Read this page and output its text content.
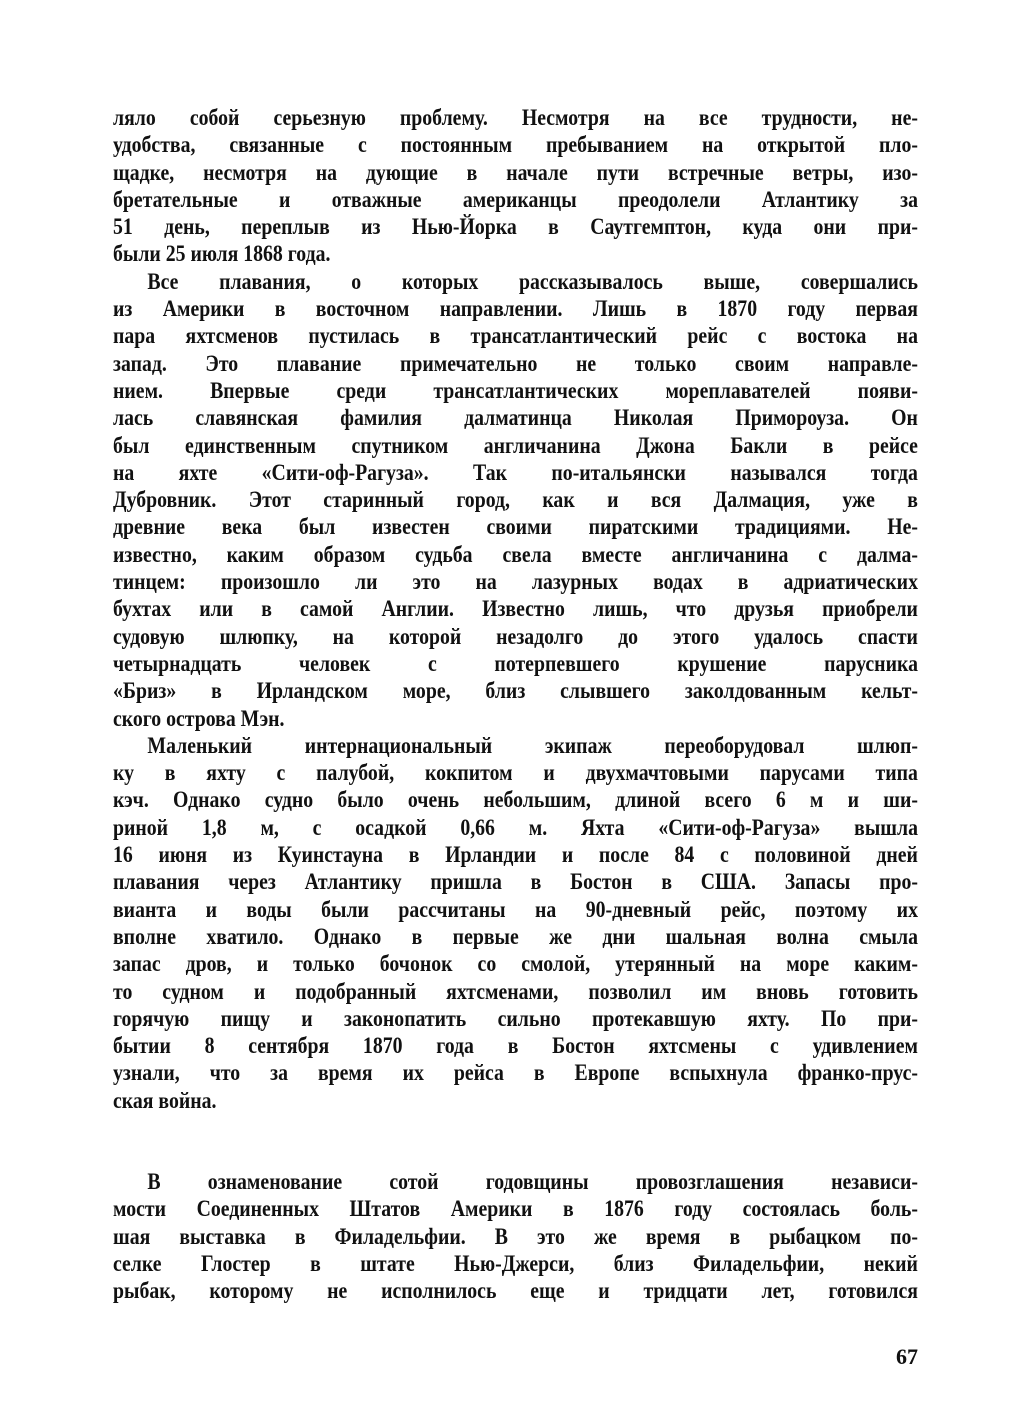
ляло собой серьезную проблему. Несмотря на все трудности, не-
удобства, связанные с постоянным пребыванием на открытой пло-
щадке, несмотря на дующие в начале пути встречные ветры, изо-
бретательные и отважные американцы преодолели Атлантику за
51 день, переплыв из Нью-Йорка в Саутгемптон, куда они при-
были 25 июля 1868 года.
Все плавания, о которых рассказывалось выше, совершались
из Америки в восточном направлении. Лишь в 1870 году первая
пара яхтсменов пустилась в трансатлантический рейс с востока на
запад. Это плавание примечательно не только своим направле-
нием. Впервые среди трансатлантических мореплавателей появи-
лась славянская фамилия далматинца Николая Примороуза. Он
был единственным спутником англичанина Джона Бакли в рейсе
на яхте «Сити-оф-Рагуза». Так по-итальянски назывался тогда
Дубровник. Этот старинный город, как и вся Далмация, уже в
древние века был известен своими пиратскими традициями. Не-
известно, каким образом судьба свела вместе англичанина с далма-
тинцем: произошло ли это на лазурных водах в адриатических
бухтах или в самой Англии. Известно лишь, что друзья приобрели
судовую шлюпку, на которой незадолго до этого удалось спасти
четырнадцать человек с потерпевшего крушение парусника
«Бриз» в Ирландском море, близ слывшего заколдованным кельт-
ского острова Мэн.
Маленький интернациональный экипаж переоборудовал шлюп-
ку в яхту с палубой, кокпитом и двухмачтовыми парусами типа
кэч. Однако судно было очень небольшим, длиной всего 6 м и ши-
риной 1,8 м, с осадкой 0,66 м. Яхта «Сити-оф-Рагуза» вышла
16 июня из Куинстауна в Ирландии и после 84 с половиной дней
плавания через Атлантику пришла в Бостон в США. Запасы про-
вианта и воды были рассчитаны на 90-дневный рейс, поэтому их
вполне хватило. Однако в первые же дни шальная волна смыла
запас дров, и только бочонок со смолой, утерянный на море каким-
то судном и подобранный яхтсменами, позволил им вновь готовить
горячую пищу и законопатить сильно протекавшую яхту. По при-
бытии 8 сентября 1870 года в Бостон яхтсмены с удивлением
узнали, что за время их рейса в Европе вспыхнула франко-прус-
ская война.
В ознаменование сотой годовщины провозглашения независи-
мости Соединенных Штатов Америки в 1876 году состоялась боль-
шая выставка в Филадельфии. В это же время в рыбацком по-
селке Глостер в штате Нью-Джерси, близ Филадельфии, некий
рыбак, которому не исполнилось еще и тридцати лет, готовился
67
